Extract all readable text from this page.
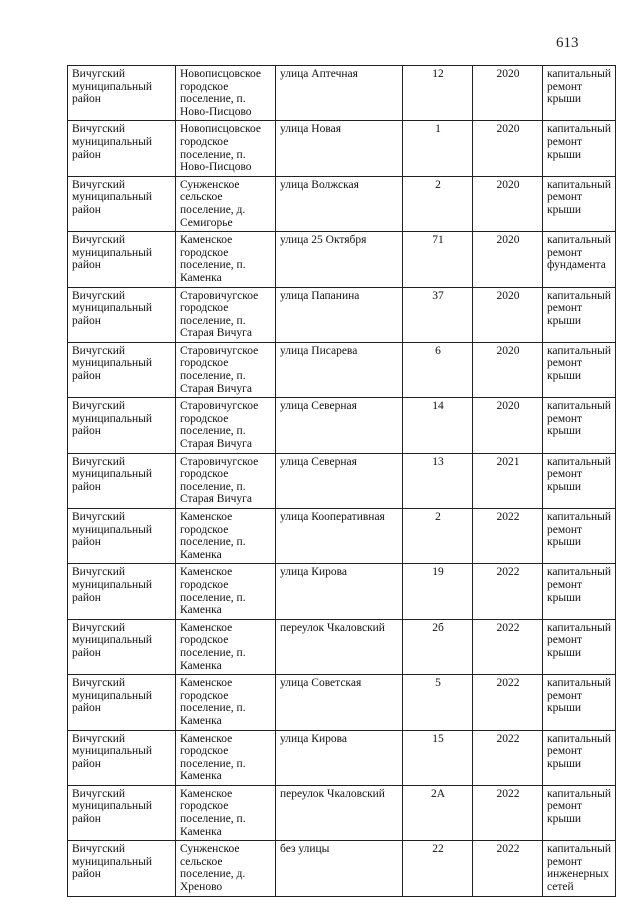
613
Вичугский муниципальный район	Новописцовское городское поселение, п. Ново-Писцово	улица Аптечная	12	2020	капитальный ремонт крыши
Вичугский муниципальный район	Новописцовское городское поселение, п. Ново-Писцово	улица Новая	1	2020	капитальный ремонт крыши
Вичугский муниципальный район	Сунженское сельское поселение, д. Семигорье	улица Волжская	2	2020	капитальный ремонт крыши
Вичугский муниципальный район	Каменское городское поселение, п. Каменка	улица 25 Октября	71	2020	капитальный ремонт фундамента
Вичугский муниципальный район	Старовичугское городское поселение, п. Старая Вичуга	улица Папанина	37	2020	капитальный ремонт крыши
Вичугский муниципальный район	Старовичугское городское поселение, п. Старая Вичуга	улица Писарева	6	2020	капитальный ремонт крыши
Вичугский муниципальный район	Старовичугское городское поселение, п. Старая Вичуга	улица Северная	14	2020	капитальный ремонт крыши
Вичугский муниципальный район	Старовичугское городское поселение, п. Старая Вичуга	улица Северная	13	2021	капитальный ремонт крыши
Вичугский муниципальный район	Каменское городское поселение, п. Каменка	улица Кооперативная	2	2022	капитальный ремонт крыши
Вичугский муниципальный район	Каменское городское поселение, п. Каменка	улица Кирова	19	2022	капитальный ремонт крыши
Вичугский муниципальный район	Каменское городское поселение, п. Каменка	переулок Чкаловский	2б	2022	капитальный ремонт крыши
Вичугский муниципальный район	Каменское городское поселение, п. Каменка	улица Советская	5	2022	капитальный ремонт крыши
Вичугский муниципальный район	Каменское городское поселение, п. Каменка	улица Кирова	15	2022	капитальный ремонт крыши
Вичугский муниципальный район	Каменское городское поселение, п. Каменка	переулок Чкаловский	2А	2022	капитальный ремонт крыши
Вичугский муниципальный район	Сунженское сельское поселение, д. Хреново	без улицы	22	2022	капитальный ремонт инженерных сетей
